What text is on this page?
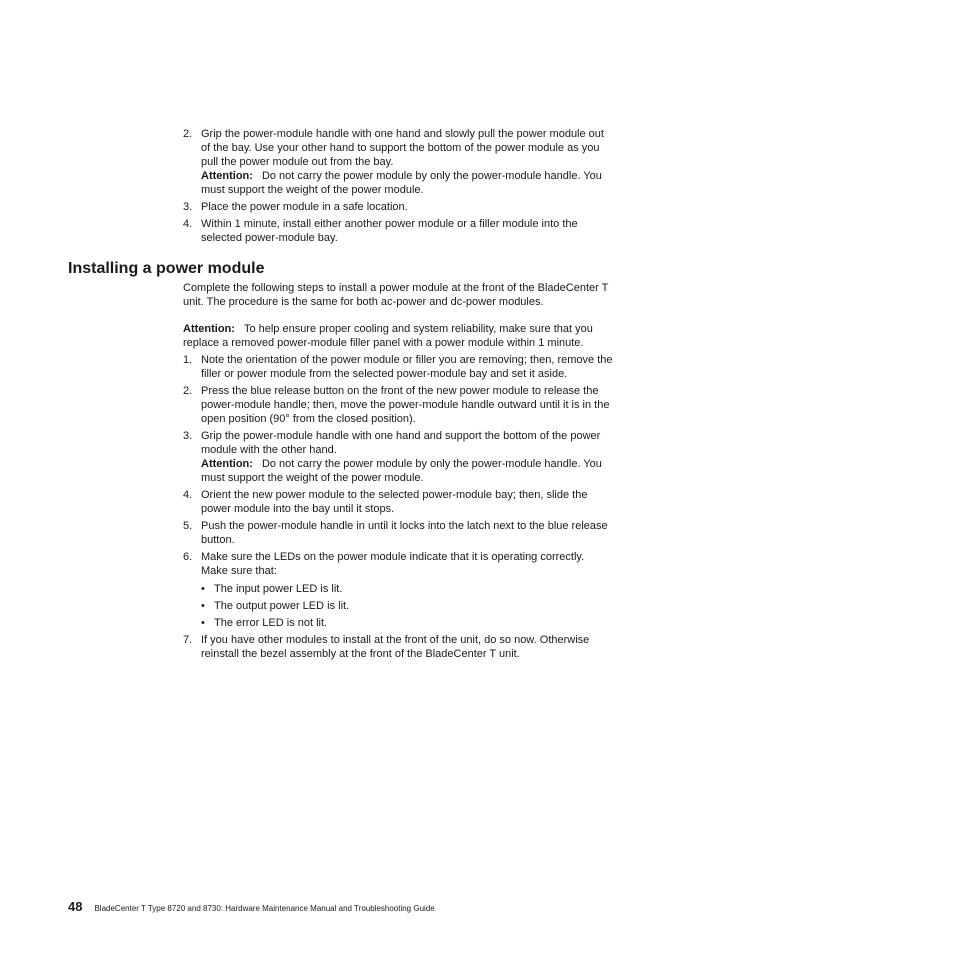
2. Grip the power-module handle with one hand and slowly pull the power module out of the bay. Use your other hand to support the bottom of the power module as you pull the power module out from the bay.

Attention: Do not carry the power module by only the power-module handle. You must support the weight of the power module.

3. Place the power module in a safe location.

4. Within 1 minute, install either another power module or a filler module into the selected power-module bay.

Installing a power module

Complete the following steps to install a power module at the front of the BladeCenter T unit. The procedure is the same for both ac-power and dc-power modules.

Attention: To help ensure proper cooling and system reliability, make sure that you replace a removed power-module filler panel with a power module within 1 minute.

1. Note the orientation of the power module or filler you are removing; then, remove the filler or power module from the selected power-module bay and set it aside.

2. Press the blue release button on the front of the new power module to release the power-module handle; then, move the power-module handle outward until it is in the open position (90° from the closed position).

3. Grip the power-module handle with one hand and support the bottom of the power module with the other hand.

Attention: Do not carry the power module by only the power-module handle. You must support the weight of the power module.

4. Orient the new power module to the selected power-module bay; then, slide the power module into the bay until it stops.

5. Push the power-module handle in until it locks into the latch next to the blue release button.

6. Make sure the LEDs on the power module indicate that it is operating correctly. Make sure that:

• The input power LED is lit.
• The output power LED is lit.
• The error LED is not lit.
7. If you have other modules to install at the front of the unit, do so now. Otherwise reinstall the bezel assembly at the front of the BladeCenter T unit.

48 BladeCenter T Type 8720 and 8730: Hardware Maintenance Manual and Troubleshooting Guide
